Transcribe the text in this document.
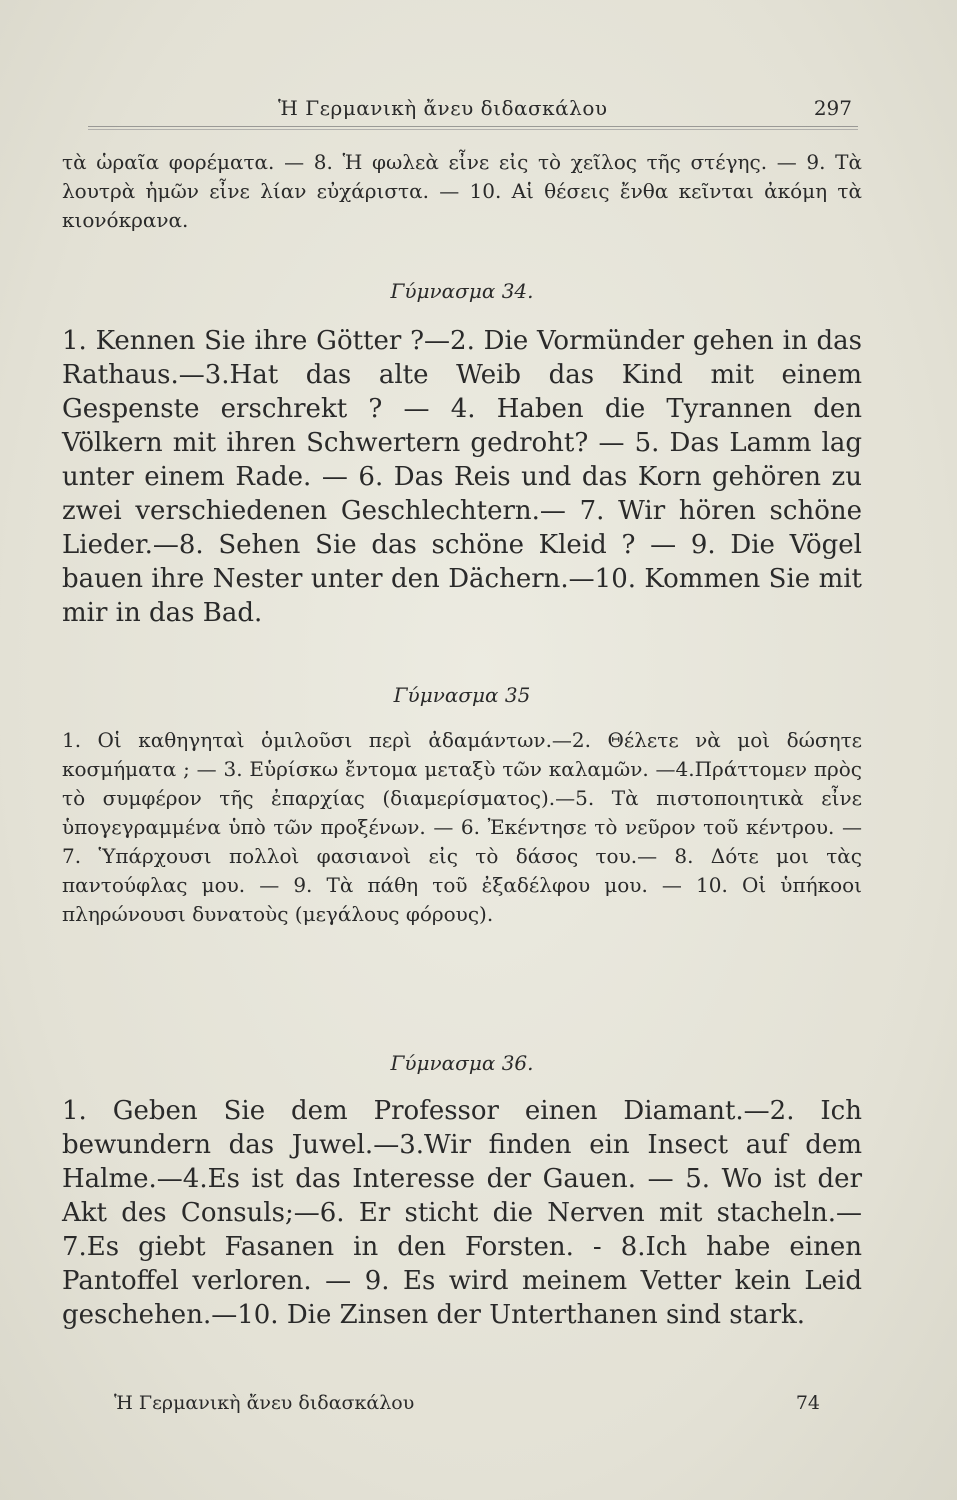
Ἡ Γερμανικὴ ἄνευ διδασκάλου	297

τὰ ὡραῖα φορέματα. — 8. Ἡ φωλεὰ εἶνε εἰς τὸ χεῖλος τῆς στέγης. — 9. Τὰ λουτρὰ ἡμῶν εἶνε λίαν εὐχάριστα. — 10. Αἱ θέσεις ἔνθα κεῖνται ἀκόμη τὰ κιονόκρανα.

Γύμνασμα 34.

1. Kennen Sie ihre Götter ?—2. Die Vormünder gehen in das Rathaus.—3.Hat das alte Weib das Kind mit einem Gespenste erschrekt ? — 4. Haben die Tyrannen den Völkern mit ihren Schwertern gedroht? — 5. Das Lamm lag unter einem Rade. — 6. Das Reis und das Korn gehören zu zwei verschiedenen Geschlechtern.— 7. Wir hören schöne Lieder.—8. Sehen Sie das schöne Kleid ? — 9. Die Vögel bauen ihre Nester unter den Dächern.—10. Kommen Sie mit mir in das Bad.

Γύμνασμα 35

1. Οἱ καθηγηταὶ ὁμιλοῦσι περὶ ἀδαμάντων.—2. Θέλετε νὰ μοὶ δώσητε κοσμήματα ; — 3. Εὑρίσκω ἔντομα μεταξὺ τῶν καλαμῶν. —4.Πράττομεν πρὸς τὸ συμφέρον τῆς ἐπαρχίας (διαμερίσματος).—5. Τὰ πιστοποιητικὰ εἶνε ὑπογεγραμμένα ὑπὸ τῶν προξένων. — 6. Ἐκέντησε τὸ νεῦρον τοῦ κέντρου. — 7. Ὑπάρχουσι πολλοὶ φασιανοὶ εἰς τὸ δάσος του.— 8. Δότε μοι τὰς παντούφλας μου. — 9. Τὰ πάθη τοῦ ἐξαδέλφου μου. — 10. Οἱ ὑπήκοοι πληρώνουσι δυνατοὺς (μεγάλους φόρους).

Γύμνασμα 36.

1. Geben Sie dem Professor einen Diamant.—2. Ich bewundern das Juwel.—3.Wir finden ein Insect auf dem Halme.—4.Es ist das Interesse der Gauen. — 5. Wo ist der Akt des Consuls;—6. Er sticht die Nerven mit stacheln.—7.Es giebt Fasanen in den Forsten. - 8.Ich habe einen Pantoffel verloren. — 9. Es wird meinem Vetter kein Leid geschehen.—10. Die Zinsen der Unterthanen sind stark.

Ἡ Γερμανικὴ ἄνευ διδασκάλου	74
